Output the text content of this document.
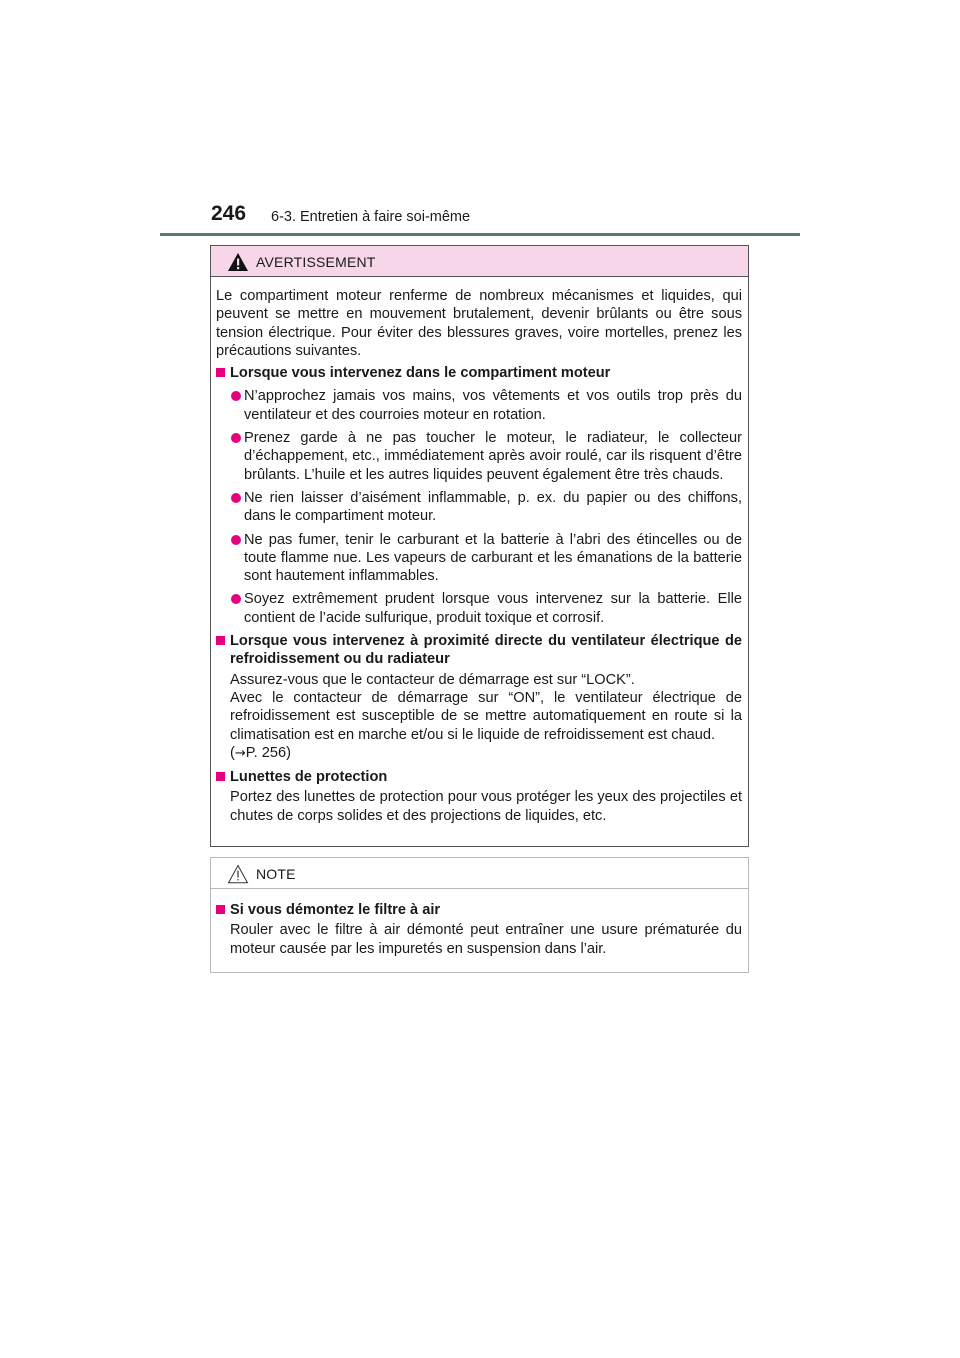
246 6-3. Entretien à faire soi-même
AVERTISSEMENT

Le compartiment moteur renferme de nombreux mécanismes et liquides, qui peuvent se mettre en mouvement brutalement, devenir brûlants ou être sous tension électrique. Pour éviter des blessures graves, voire mortelles, prenez les précautions suivantes.

Lorsque vous intervenez dans le compartiment moteur

N’approchez jamais vos mains, vos vêtements et vos outils trop près du ventilateur et des courroies moteur en rotation.
Prenez garde à ne pas toucher le moteur, le radiateur, le collecteur d’échappement, etc., immédiatement après avoir roulé, car ils risquent d’être brûlants. L’huile et les autres liquides peuvent également être très chauds.
Ne rien laisser d’aisément inflammable, p. ex. du papier ou des chiffons, dans le compartiment moteur.
Ne pas fumer, tenir le carburant et la batterie à l’abri des étincelles ou de toute flamme nue. Les vapeurs de carburant et les émanations de la batterie sont hautement inflammables.
Soyez extrêmement prudent lorsque vous intervenez sur la batterie. Elle contient de l’acide sulfurique, produit toxique et corrosif.

Lorsque vous intervenez à proximité directe du ventilateur électrique de refroidissement ou du radiateur

Assurez-vous que le contacteur de démarrage est sur “LOCK”.

Avec le contacteur de démarrage sur “ON”, le ventilateur électrique de refroidissement est susceptible de se mettre automatiquement en route si la climatisation est en marche et/ou si le liquide de refroidissement est chaud.

(→P. 256)

Lunettes de protection

Portez des lunettes de protection pour vous protéger les yeux des projectiles et chutes de corps solides et des projections de liquides, etc.

NOTE

Si vous démontez le filtre à air

Rouler avec le filtre à air démonté peut entraîner une usure prématurée du moteur causée par les impuretés en suspension dans l’air.
